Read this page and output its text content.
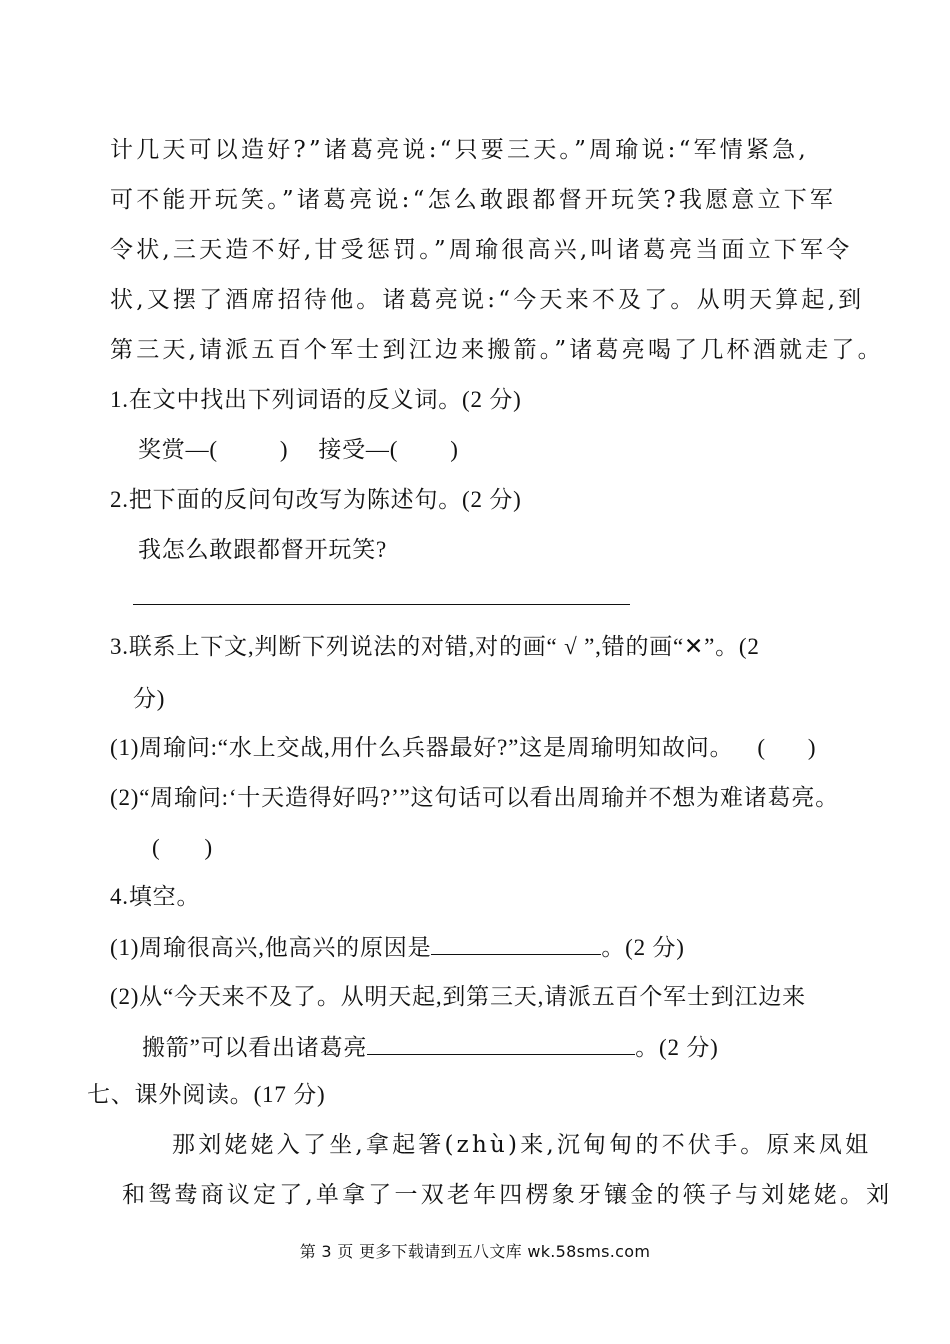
计几天可以造好?”诸葛亮说:“只要三天。”周瑜说:“军情紧急,
可不能开玩笑。”诸葛亮说:“怎么敢跟都督开玩笑?我愿意立下军
令状,三天造不好,甘受惩罚。”周瑜很高兴,叫诸葛亮当面立下军令
状,又摆了酒席招待他。诸葛亮说:“今天来不及了。从明天算起,到
第三天,请派五百个军士到江边来搬箭。”诸葛亮喝了几杯酒就走了。
1.在文中找出下列词语的反义词。(2 分)
奖赏—(	) 接受—( )
2.把下面的反问句改写为陈述句。(2 分)
我怎么敢跟都督开玩笑?
3.联系上下文,判断下列说法的对错,对的画“ √ ”,错的画“✕”。(2
分)
(1)周瑜问:“水上交战,用什么兵器最好?”这是周瑜明知故问。 ( )
(2)“周瑜问:‘十天造得好吗?’”这句话可以看出周瑜并不想为难诸葛亮。
( )
4.填空。
(1)周瑜很高兴,他高兴的原因是	。(2 分)
(2)从“今天来不及了。从明天起,到第三天,请派五百个军士到江边来
搬箭”可以看出诸葛亮	。(2 分)
七、课外阅读。(17 分)
那刘姥姥入了坐,拿起箸(zhù)来,沉甸甸的不伏手。原来凤姐
和鸳鸯商议定了,单拿了一双老年四楞象牙镶金的筷子与刘姥姥。刘
第 3 页 更多下载请到五八文库 wk.58sms.com
